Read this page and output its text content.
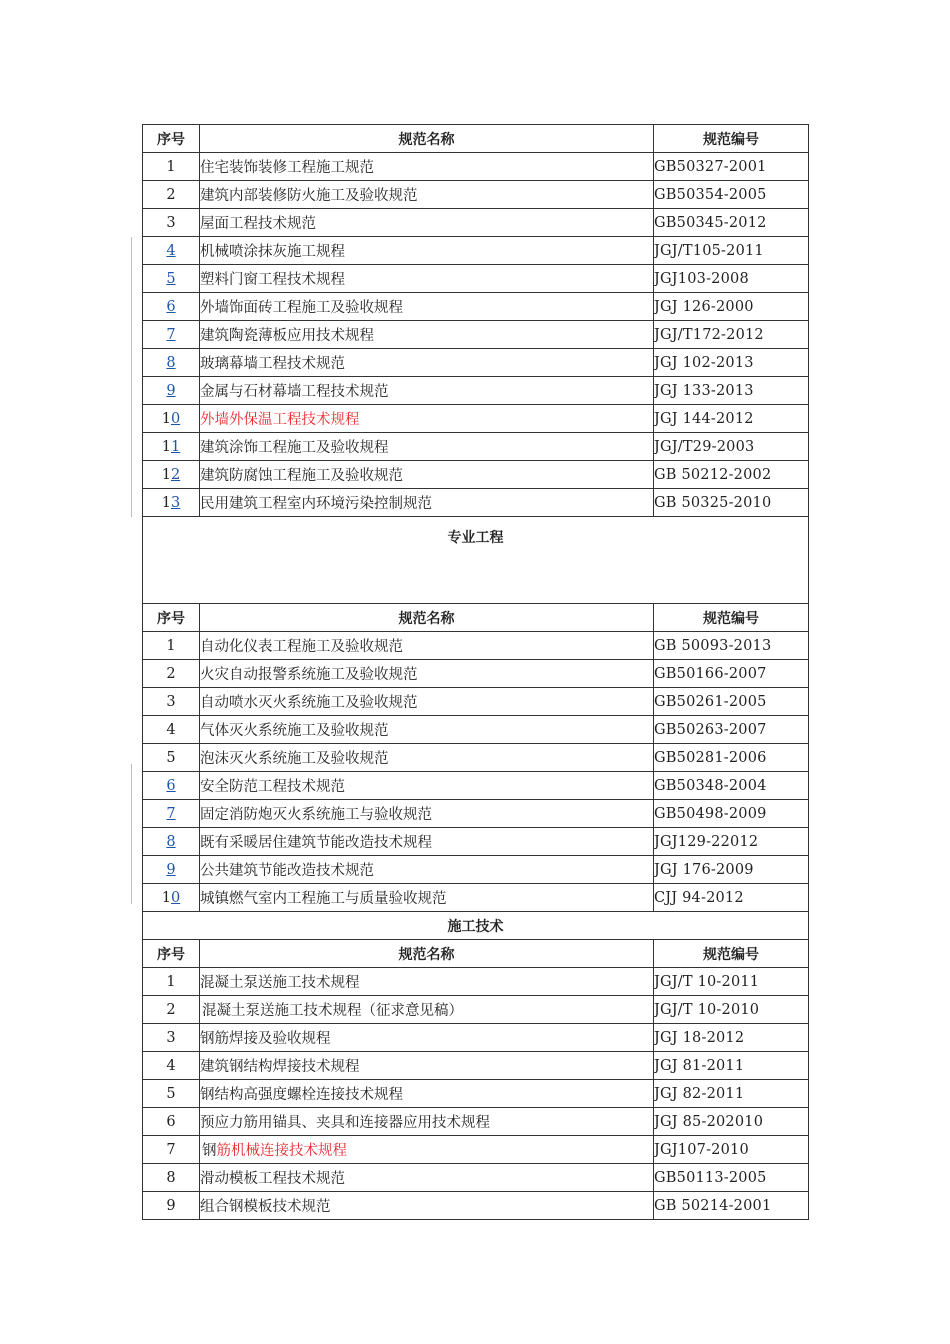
序号	规范名称	规范编号
1	住宅装饰装修工程施工规范	GB50327-2001
2	建筑内部装修防火施工及验收规范	GB50354-2005
3	屋面工程技术规范	GB50345-2012
4	机械喷涂抹灰施工规程	JGJ/T105-2011
5	塑料门窗工程技术规程	JGJ103-2008
6	外墙饰面砖工程施工及验收规程	JGJ 126-2000
7	建筑陶瓷薄板应用技术规程	JGJ/T172-2012
8	玻璃幕墙工程技术规范	JGJ 102-2013
9	金属与石材幕墙工程技术规范	JGJ 133-2013
10	外墙外保温工程技术规程	JGJ 144-2012
11	建筑涂饰工程施工及验收规程	JGJ/T29-2003
12	建筑防腐蚀工程施工及验收规范	GB 50212-2002
13	民用建筑工程室内环境污染控制规范	GB 50325-2010
专业工程		
序号	规范名称	规范编号
1	自动化仪表工程施工及验收规范	GB 50093-2013
2	火灾自动报警系统施工及验收规范	GB50166-2007
3	自动喷水灭火系统施工及验收规范	GB50261-2005
4	气体灭火系统施工及验收规范	GB50263-2007
5	泡沫灭火系统施工及验收规范	GB50281-2006
6	安全防范工程技术规范	GB50348-2004
7	固定消防炮灭火系统施工与验收规范	GB50498-2009
8	既有采暖居住建筑节能改造技术规程	JGJ129-22012
9	公共建筑节能改造技术规范	JGJ 176-2009
10	城镇燃气室内工程施工与质量验收规范	CJJ 94-2012
施工技术		
序号	规范名称	规范编号
1	混凝土泵送施工技术规程	JGJ/T 10-2011
2	混凝土泵送施工技术规程（征求意见稿）	JGJ/T 10-2010
3	钢筋焊接及验收规程	JGJ 18-2012
4	建筑钢结构焊接技术规程	JGJ 81-2011
5	钢结构高强度螺栓连接技术规程	JGJ 82-2011
6	预应力筋用锚具、夹具和连接器应用技术规程	JGJ 85-202010
7	钢筋机械连接技术规程	JGJ107-2010
8	滑动模板工程技术规范	GB50113-2005
9	组合钢模板技术规范	GB 50214-2001
